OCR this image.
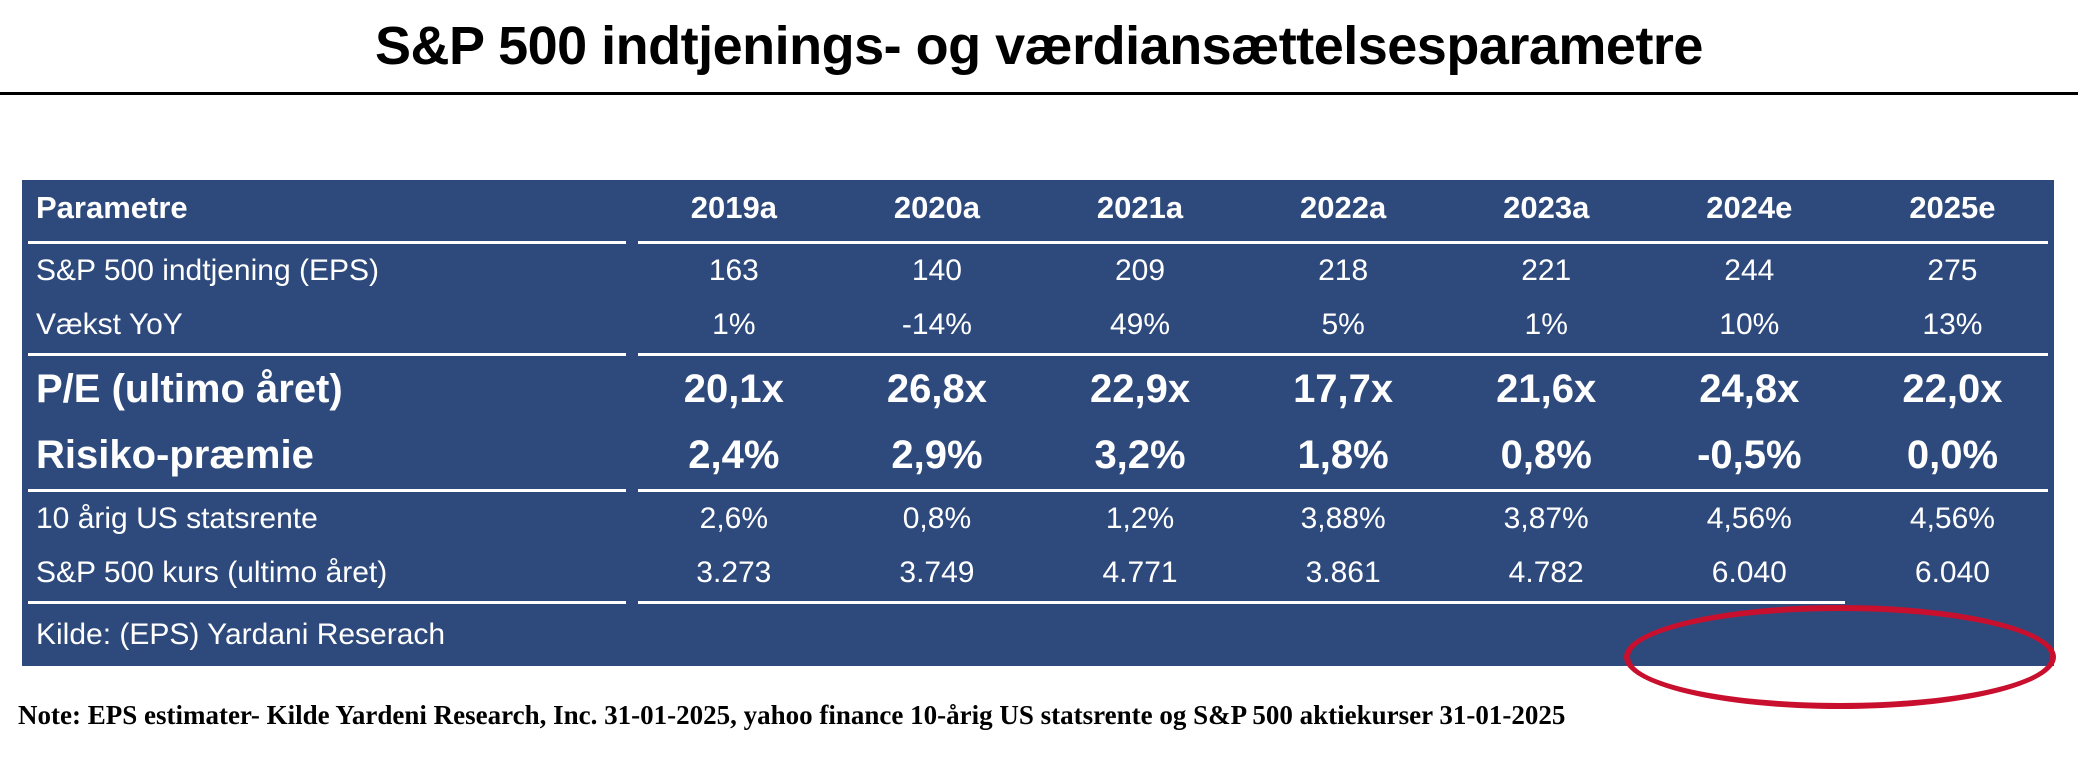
S&P 500 indtjenings- og værdiansættelsesparametre
Parametre	2019a	2020a	2021a	2022a	2023a	2024e	2025e

S&P 500 indtjening (EPS)	163	140	209	218	221	244	275
Vækst YoY	1%	-14%	49%	5%	1%	10%	13%

P/E (ultimo året)	20,1x	26,8x	22,9x	17,7x	21,6x	24,8x	22,0x
Risiko-præmie	2,4%	2,9%	3,2%	1,8%	0,8%	-0,5%	0,0%

10 årig US statsrente	2,6%	0,8%	1,2%	3,88%	3,87%	4,56%	4,56%
S&P 500 kurs (ultimo året)	3.273	3.749	4.771	3.861	4.782	6.040	6.040

Kilde: (EPS) Yardani Reserach							
Note: EPS estimater- Kilde Yardeni Research, Inc. 31-01-2025, yahoo finance 10-årig US statsrente og S&P 500 aktiekurser 31-01-2025
